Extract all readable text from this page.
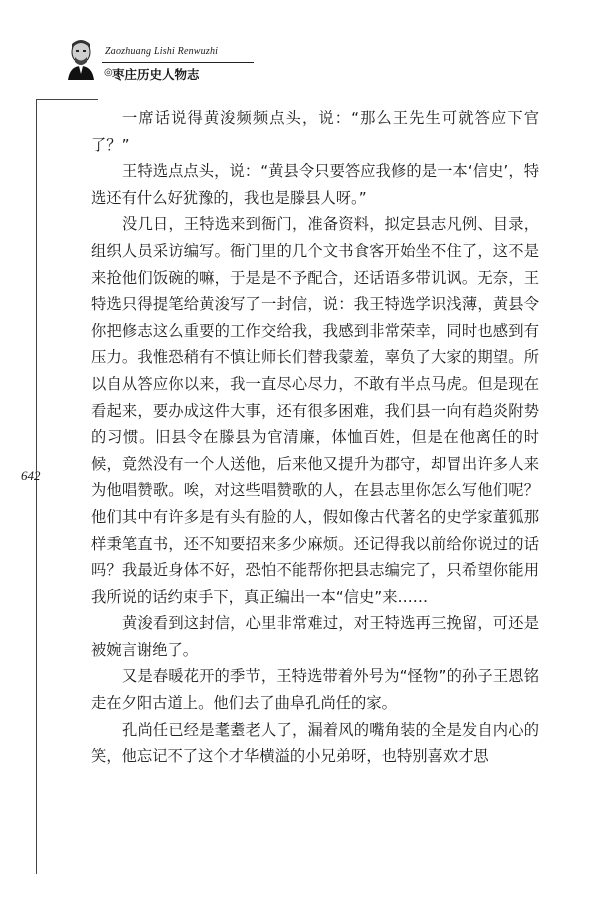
Zaozhuang Lishi Renwuzhi
◎ 枣庄历史人物志
642

一席话说得黄浚频频点头，说：“那么王先生可就答应下官了？”

王特选点点头，说：“黄县令只要答应我修的是一本‘信史’，特选还有什么好犹豫的，我也是滕县人呀。”

没几日，王特选来到衙门，准备资料，拟定县志凡例、目录，组织人员采访编写。衙门里的几个文书食客开始坐不住了，这不是来抢他们饭碗的嘛，于是是不予配合，还话语多带讥讽。无奈，王特选只得提笔给黄浚写了一封信，说：我王特选学识浅薄，黄县令你把修志这么重要的工作交给我，我感到非常荣幸，同时也感到有压力。我惟恐稍有不慎让师长们替我蒙羞，辜负了大家的期望。所以自从答应你以来，我一直尽心尽力，不敢有半点马虎。但是现在看起来，要办成这件大事，还有很多困难，我们县一向有趋炎附势的习惯。旧县令在滕县为官清廉，体恤百姓，但是在他离任的时候，竟然没有一个人送他，后来他又提升为郡守，却冒出许多人来为他唱赞歌。唉，对这些唱赞歌的人，在县志里你怎么写他们呢？他们其中有许多是有头有脸的人，假如像古代著名的史学家董狐那样秉笔直书，还不知要招来多少麻烦。还记得我以前给你说过的话吗？我最近身体不好，恐怕不能帮你把县志编完了，只希望你能用我所说的话约束手下，真正编出一本“信史”来……

黄浚看到这封信，心里非常难过，对王特选再三挽留，可还是被婉言谢绝了。

又是春暖花开的季节，王特选带着外号为“怪物”的孙子王恩铭走在夕阳古道上。他们去了曲阜孔尚任的家。

孔尚任已经是耄耋老人了，漏着风的嘴角装的全是发自内心的笑，他忘记不了这个才华横溢的小兄弟呀，也特别喜欢才思
